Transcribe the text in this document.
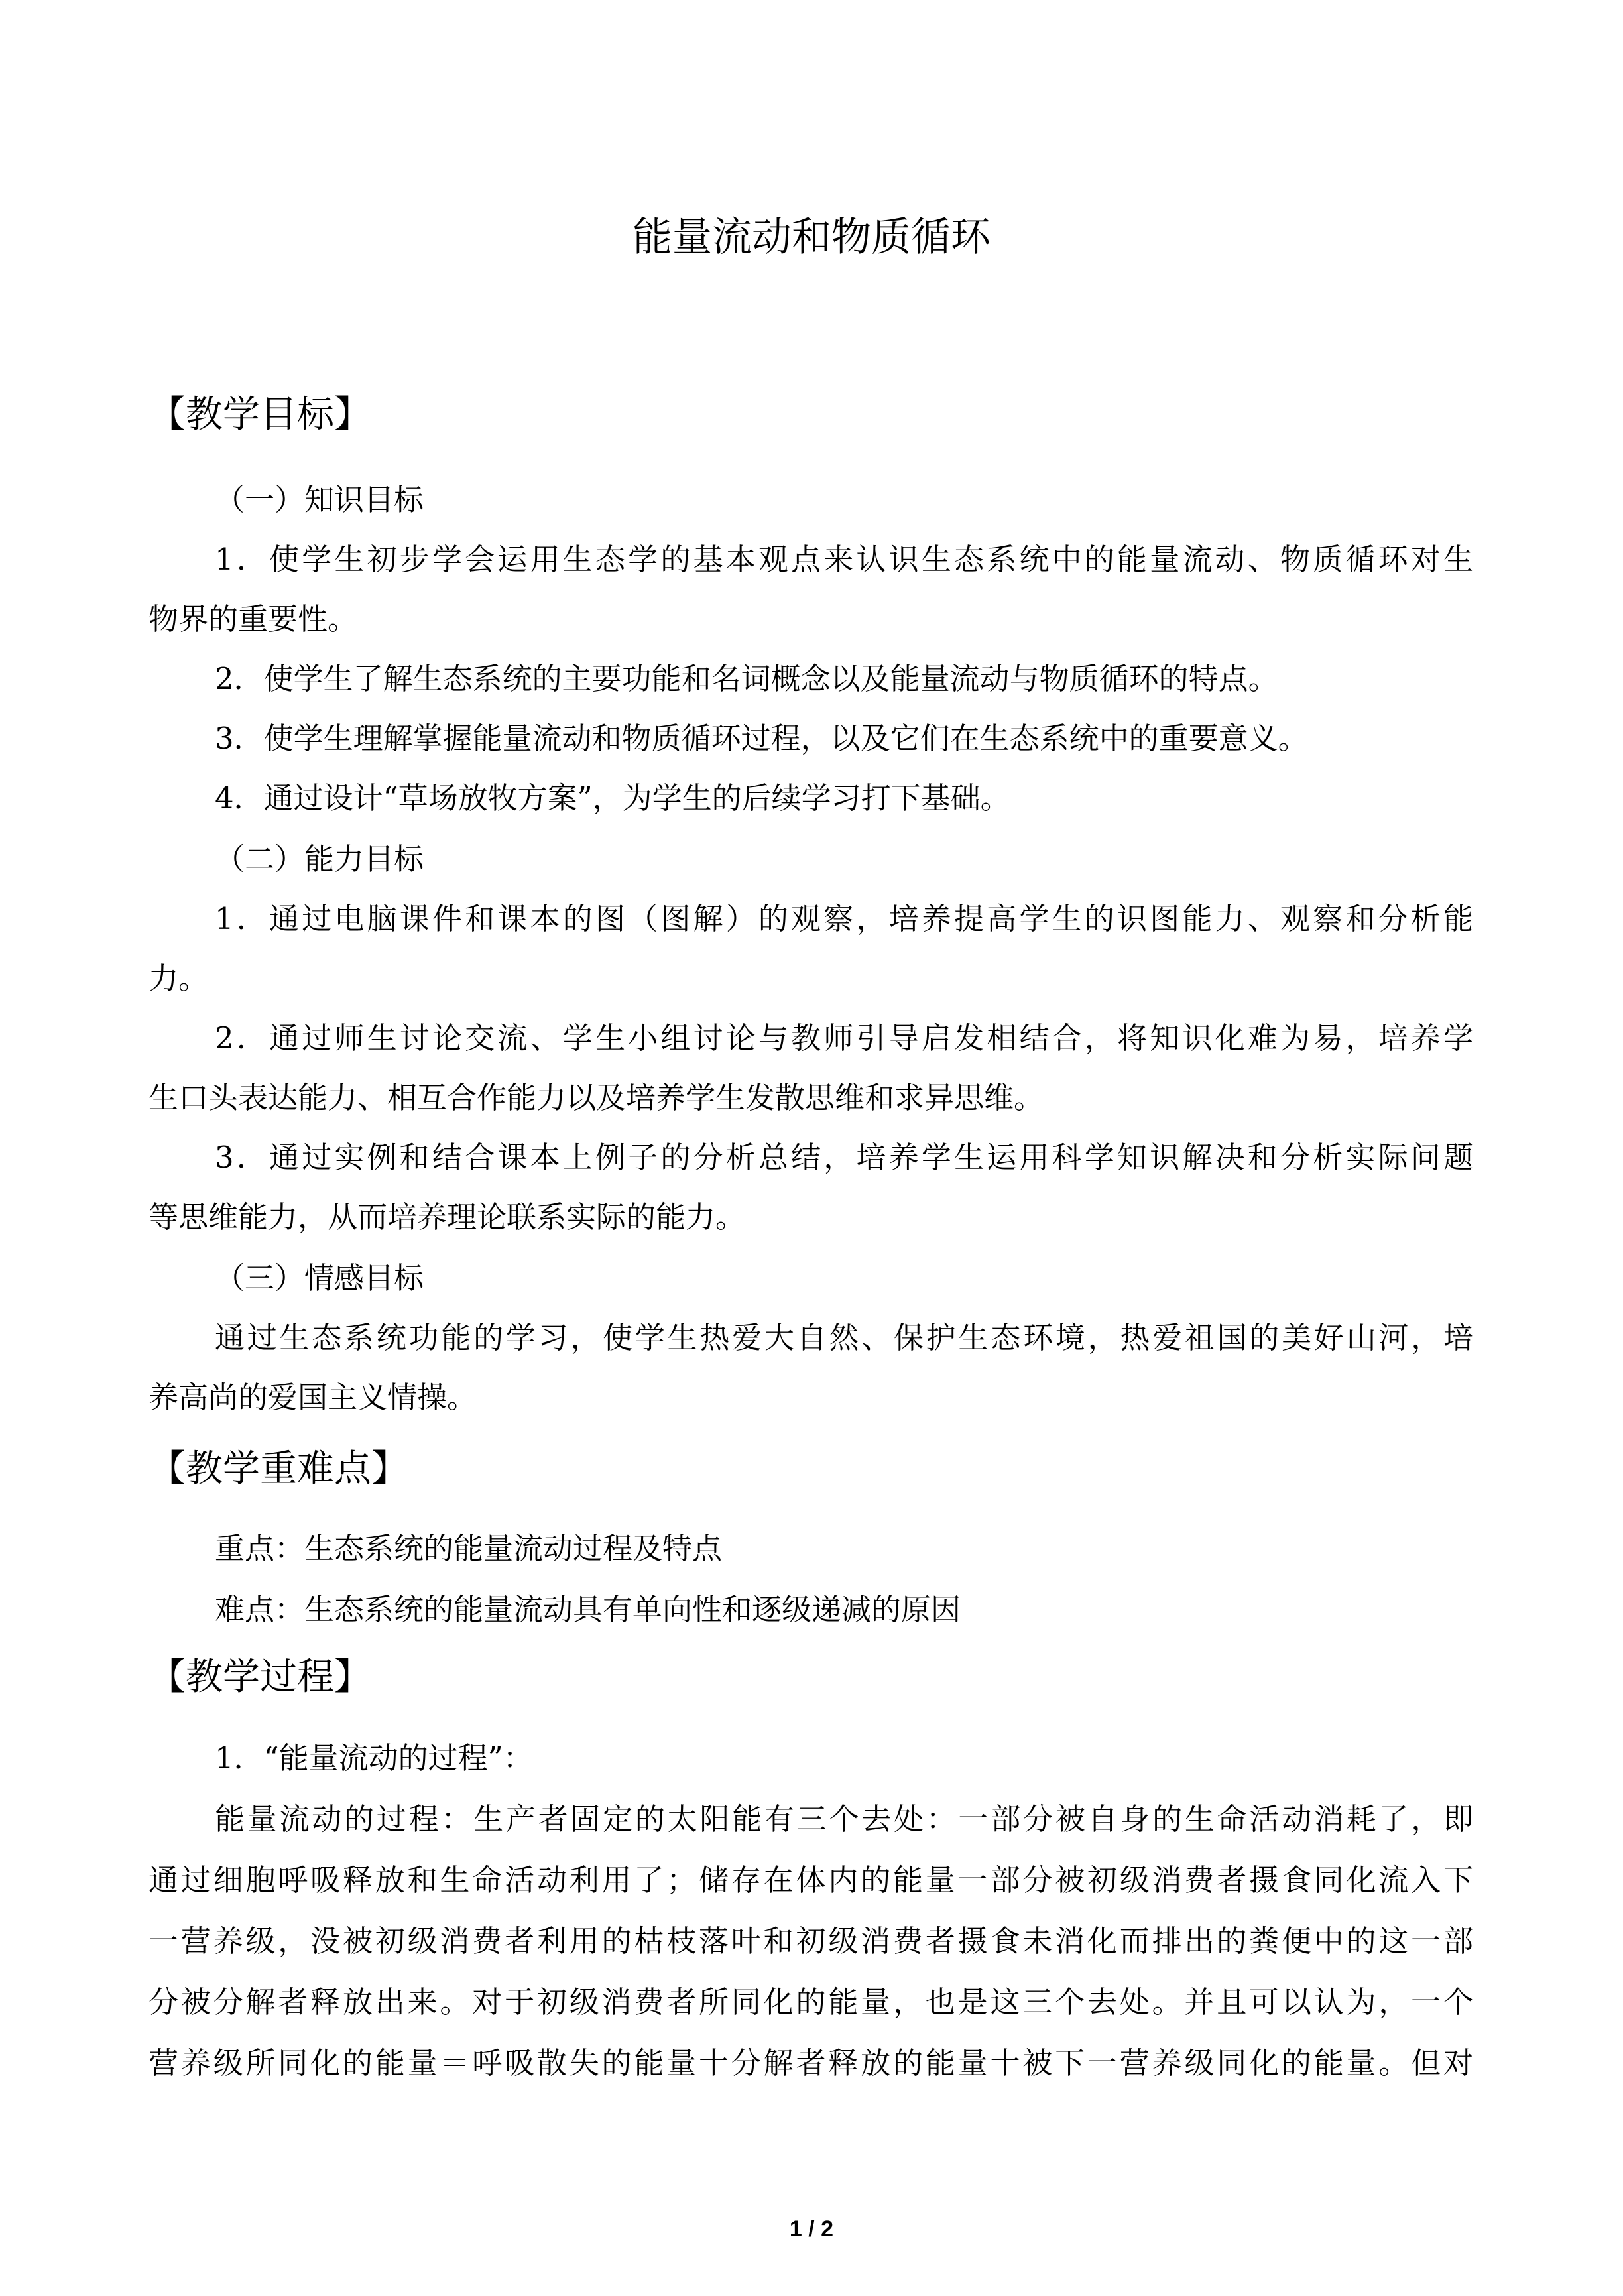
能量流动和物质循环
【教学目标】
（一）知识目标
1．使学生初步学会运用生态学的基本观点来认识生态系统中的能量流动、物质循环对生
物界的重要性。
2．使学生了解生态系统的主要功能和名词概念以及能量流动与物质循环的特点。
3．使学生理解掌握能量流动和物质循环过程，以及它们在生态系统中的重要意义。
4．通过设计“草场放牧方案”，为学生的后续学习打下基础。
（二）能力目标
1．通过电脑课件和课本的图（图解）的观察，培养提高学生的识图能力、观察和分析能
力。
2．通过师生讨论交流、学生小组讨论与教师引导启发相结合，将知识化难为易，培养学
生口头表达能力、相互合作能力以及培养学生发散思维和求异思维。
3．通过实例和结合课本上例子的分析总结，培养学生运用科学知识解决和分析实际问题
等思维能力，从而培养理论联系实际的能力。
（三）情感目标
通过生态系统功能的学习，使学生热爱大自然、保护生态环境，热爱祖国的美好山河，培
养高尚的爱国主义情操。
【教学重难点】
重点：生态系统的能量流动过程及特点
难点：生态系统的能量流动具有单向性和逐级递减的原因
【教学过程】
1．“能量流动的过程”：
能量流动的过程：生产者固定的太阳能有三个去处：一部分被自身的生命活动消耗了，即
通过细胞呼吸释放和生命活动利用了；储存在体内的能量一部分被初级消费者摄食同化流入下
一营养级，没被初级消费者利用的枯枝落叶和初级消费者摄食未消化而排出的粪便中的这一部
分被分解者释放出来。对于初级消费者所同化的能量，也是这三个去处。并且可以认为，一个
营养级所同化的能量＝呼吸散失的能量十分解者释放的能量十被下一营养级同化的能量。但对
1 / 2
